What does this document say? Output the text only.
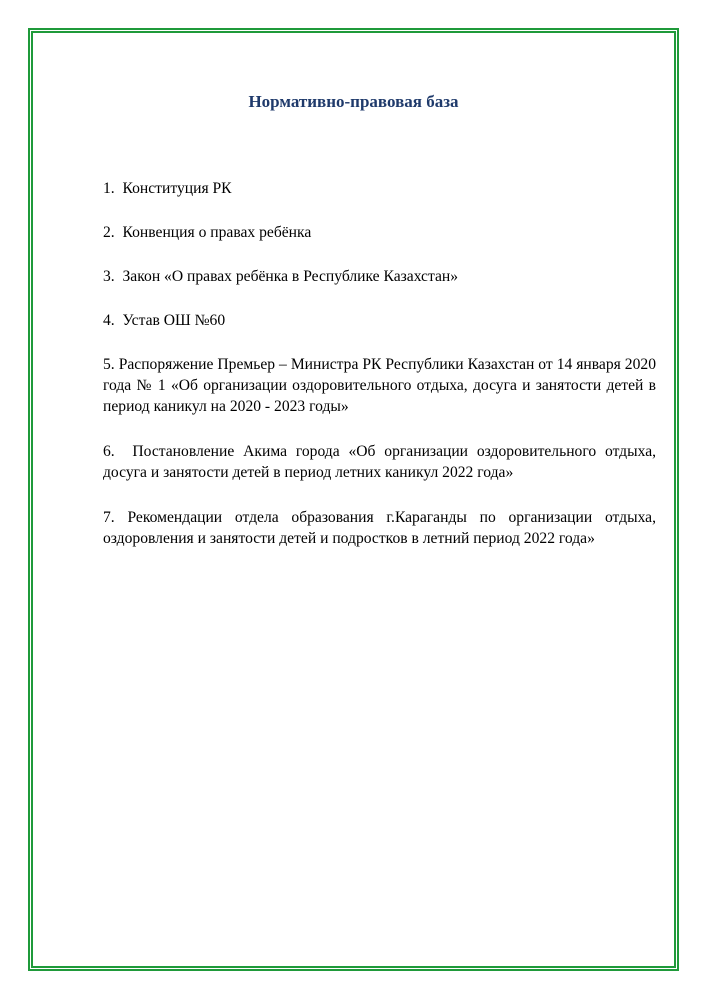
Нормативно-правовая база
1. Конституция РК
2. Конвенция о правах ребёнка
3. Закон «О правах ребёнка в Республике Казахстан»
4. Устав ОШ №60
5. Распоряжение Премьер – Министра РК Республики Казахстан от 14 января 2020 года № 1 «Об организации оздоровительного отдыха, досуга и занятости детей в период каникул на 2020 - 2023 годы»
6. Постановление Акима города «Об организации оздоровительного отдыха, досуга и занятости детей в период летних каникул 2022 года»
7. Рекомендации отдела образования г.Караганды по организации отдыха, оздоровления и занятости детей и подростков в летний период 2022 года»
